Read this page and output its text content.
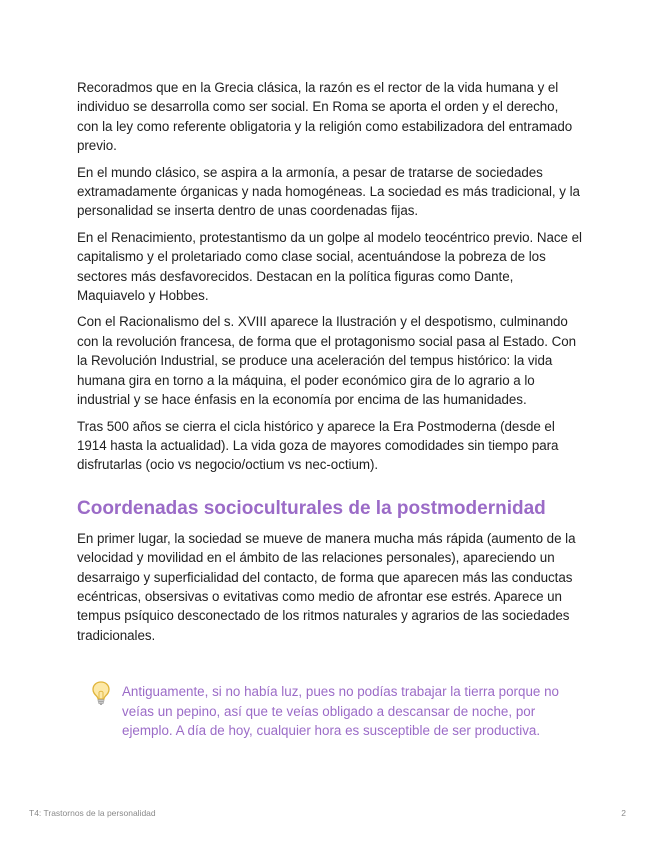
Recoradmos que en la Grecia clásica, la razón es el rector de la vida humana y el individuo se desarrolla como ser social. En Roma se aporta el orden y el derecho, con la ley como referente obligatoria y la religión como estabilizadora del entramado previo.

En el mundo clásico, se aspira a la armonía, a pesar de tratarse de sociedades extramadamente órganicas y nada homogéneas. La sociedad es más tradicional, y la personalidad se inserta dentro de unas coordenadas fijas.

En el Renacimiento, protestantismo da un golpe al modelo teocéntrico previo. Nace el capitalismo y el proletariado como clase social, acentuándose la pobreza de los sectores más desfavorecidos. Destacan en la política figuras como Dante, Maquiavelo y Hobbes.

Con el Racionalismo del s. XVIII aparece la Ilustración y el despotismo, culminando con la revolución francesa, de forma que el protagonismo social pasa al Estado. Con la Revolución Industrial, se produce una aceleración del tempus histórico: la vida humana gira en torno a la máquina, el poder económico gira de lo agrario a lo industrial y se hace énfasis en la economía por encima de las humanidades.

Tras 500 años se cierra el cicla histórico y aparece la Era Postmoderna (desde el 1914 hasta la actualidad). La vida goza de mayores comodidades sin tiempo para disfrutarlas (ocio vs negocio/octium vs nec-octium).

Coordenadas socioculturales de la postmodernidad

En primer lugar, la sociedad se mueve de manera mucha más rápida (aumento de la velocidad y movilidad en el ámbito de las relaciones personales), apareciendo un desarraigo y superficialidad del contacto, de forma que aparecen más las conductas ecéntricas, obsersivas o evitativas como medio de afrontar ese estrés. Aparece un tempus psíquico desconectado de los ritmos naturales y agrarios de las sociedades tradicionales.

Antiguamente, si no había luz, pues no podías trabajar la tierra porque no veías un pepino, así que te veías obligado a descansar de noche, por ejemplo. A día de hoy, cualquier hora es susceptible de ser productiva.

T4: Trastornos de la personalidad	2
